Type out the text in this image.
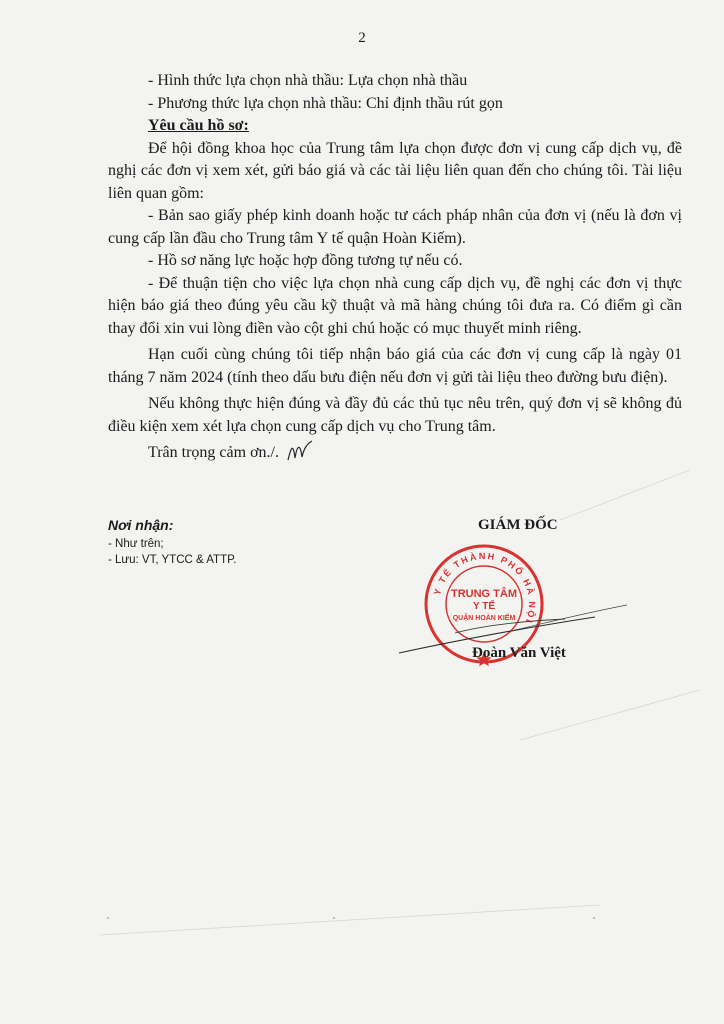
2

- Hình thức lựa chọn nhà thầu: Lựa chọn nhà thầu

- Phương thức lựa chọn nhà thầu: Chỉ định thầu rút gọn

Yêu cầu hồ sơ:

Để hội đồng khoa học của Trung tâm lựa chọn được đơn vị cung cấp dịch vụ, đề nghị các đơn vị xem xét, gửi báo giá và các tài liệu liên quan đến cho chúng tôi. Tài liệu liên quan gồm:

- Bản sao giấy phép kinh doanh hoặc tư cách pháp nhân của đơn vị (nếu là đơn vị cung cấp lần đầu cho Trung tâm Y tế quận Hoàn Kiếm).

- Hồ sơ năng lực hoặc hợp đồng tương tự nếu có.

- Để thuận tiện cho việc lựa chọn nhà cung cấp dịch vụ, đề nghị các đơn vị thực hiện báo giá theo đúng yêu cầu kỹ thuật và mã hàng chúng tôi đưa ra. Có điểm gì cần thay đổi xin vui lòng điền vào cột ghi chú hoặc có mục thuyết minh riêng.

Hạn cuối cùng chúng tôi tiếp nhận báo giá của các đơn vị cung cấp là ngày 01 tháng 7 năm 2024 (tính theo dấu bưu điện nếu đơn vị gửi tài liệu theo đường bưu điện).

Nếu không thực hiện đúng và đầy đủ các thủ tục nêu trên, quý đơn vị sẽ không đủ điều kiện xem xét lựa chọn cung cấp dịch vụ cho Trung tâm.

Trân trọng cảm ơn./.
Nơi nhận:
- Như trên;
- Lưu: VT, YTCC & ATTP.
GIÁM ĐỐC
Y TẾ THÀNH PHỐ HÀ NỘI
TRUNG TÂM
Y TẾ
QUẬN HOÀN KIẾM
Đoàn Văn Việt
